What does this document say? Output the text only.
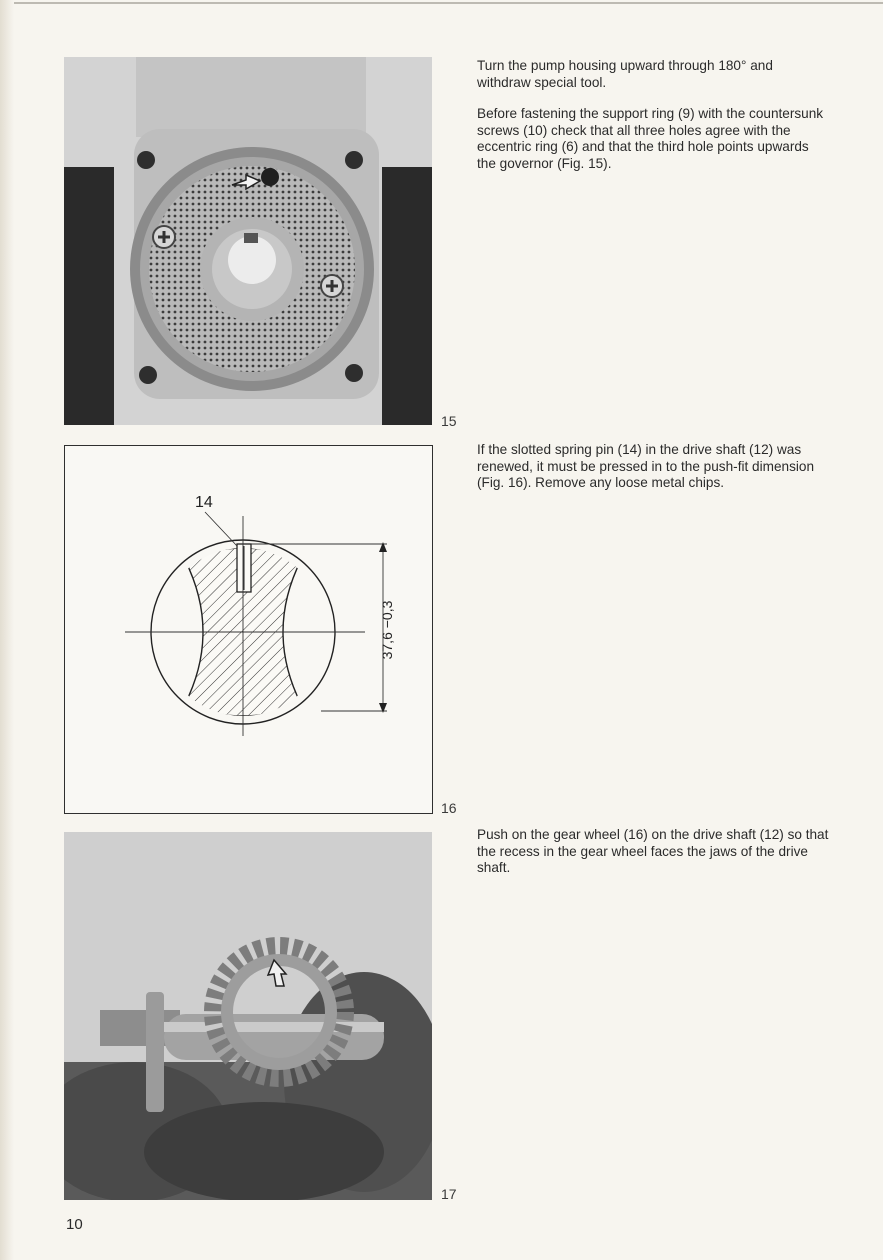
15
14
37,6 −0,3
16
17

Turn the pump housing upward through 180° and withdraw special tool.

Before fastening the support ring (9) with the countersunk screws (10) check that all three holes agree with the eccentric ring (6) and that the third hole points upwards the governor (Fig. 15).

If the slotted spring pin (14) in the drive shaft (12) was renewed, it must be pressed in to the push-fit dimension (Fig. 16). Remove any loose metal chips.

Push on the gear wheel (16) on the drive shaft (12) so that the recess in the gear wheel faces the jaws of the drive shaft.

10
